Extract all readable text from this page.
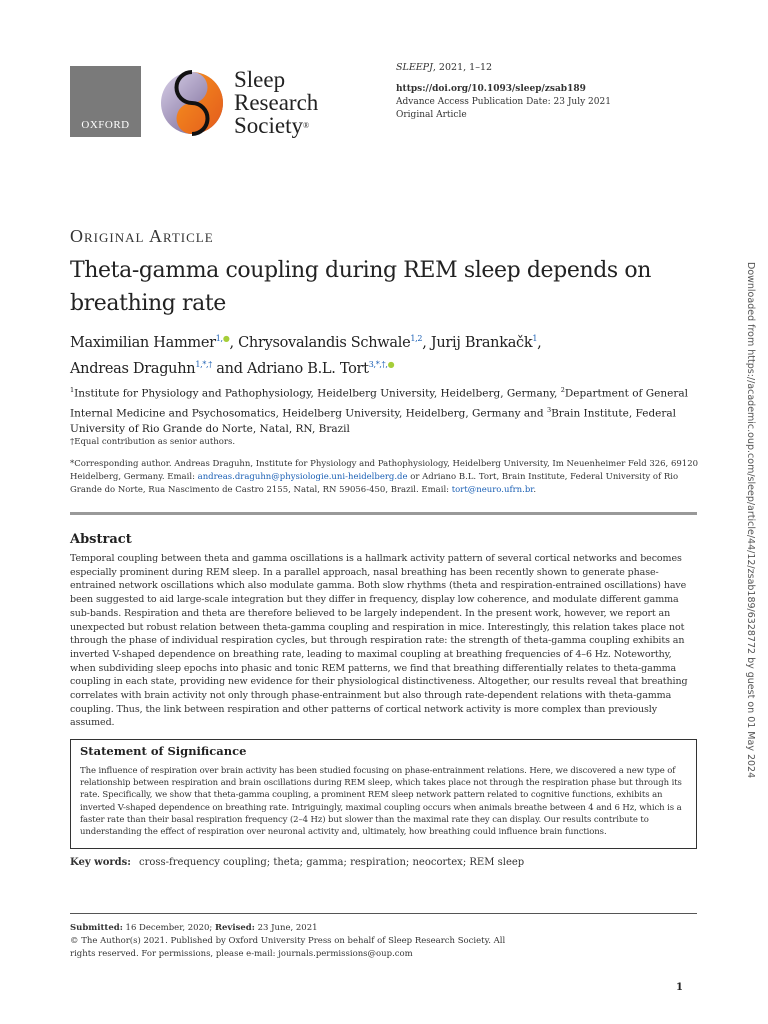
OXFORD
Sleep
Research
Society®
SLEEPJ, 2021, 1–12
https://doi.org/10.1093/sleep/zsab189
Advance Access Publication Date: 23 July 2021
Original Article
Original Article
Theta-gamma coupling during REM sleep depends on breathing rate
Maximilian Hammer$^{1,●}$, Chrysovalandis Schwale$^{1,2}$, Jurij Brankačk$^1$,
Andreas Draguhn$^{1,*,\dagger}$ and Adriano B.L. Tort$^{3,*,\dagger,●}$
$^1$Institute for Physiology and Pathophysiology, Heidelberg University, Heidelberg, Germany, $^2$Department of General Internal Medicine and Psychosomatics, Heidelberg University, Heidelberg, Germany and $^3$Brain Institute, Federal University of Rio Grande do Norte, Natal, RN, Brazil
†Equal contribution as senior authors.
*Corresponding author. Andreas Draguhn, Institute for Physiology and Pathophysiology, Heidelberg University, Im Neuenheimer Feld 326, 69120 Heidelberg, Germany. Email: andreas.draguhn@physiologie.uni-heidelberg.de or Adriano B.L. Tort, Brain Institute, Federal University of Rio Grande do Norte, Rua Nascimento de Castro 2155, Natal, RN 59056-450, Brazil. Email: tort@neuro.ufrn.br.
Abstract
Temporal coupling between theta and gamma oscillations is a hallmark activity pattern of several cortical networks and becomes especially prominent during REM sleep. In a parallel approach, nasal breathing has been recently shown to generate phase-entrained network oscillations which also modulate gamma. Both slow rhythms (theta and respiration-entrained oscillations) have been suggested to aid large-scale integration but they differ in frequency, display low coherence, and modulate different gamma sub-bands. Respiration and theta are therefore believed to be largely independent. In the present work, however, we report an unexpected but robust relation between theta-gamma coupling and respiration in mice. Interestingly, this relation takes place not through the phase of individual respiration cycles, but through respiration rate: the strength of theta-gamma coupling exhibits an inverted V-shaped dependence on breathing rate, leading to maximal coupling at breathing frequencies of 4–6 Hz. Noteworthy, when subdividing sleep epochs into phasic and tonic REM patterns, we find that breathing differentially relates to theta-gamma coupling in each state, providing new evidence for their physiological distinctiveness. Altogether, our results reveal that breathing correlates with brain activity not only through phase-entrainment but also through rate-dependent relations with theta-gamma coupling. Thus, the link between respiration and other patterns of cortical network activity is more complex than previously assumed.
Statement of Significance
The influence of respiration over brain activity has been studied focusing on phase-entrainment relations. Here, we discovered a new type of relationship between respiration and brain oscillations during REM sleep, which takes place not through the respiration phase but through its rate. Specifically, we show that theta-gamma coupling, a prominent REM sleep network pattern related to cognitive functions, exhibits an inverted V-shaped dependence on breathing rate. Intriguingly, maximal coupling occurs when animals breathe between 4 and 6 Hz, which is a faster rate than their basal respiration frequency (2–4 Hz) but slower than the maximal rate they can display. Our results contribute to understanding the effect of respiration over neuronal activity and, ultimately, how breathing could influence brain functions.
Key words: cross-frequency coupling; theta; gamma; respiration; neocortex; REM sleep
Submitted: 16 December, 2020; Revised: 23 June, 2021
© The Author(s) 2021. Published by Oxford University Press on behalf of Sleep Research Society. All rights reserved. For permissions, please e-mail: journals.permissions@oup.com
1
Downloaded from https://academic.oup.com/sleep/article/44/12/zsab189/6328772 by guest on 01 May 2024
